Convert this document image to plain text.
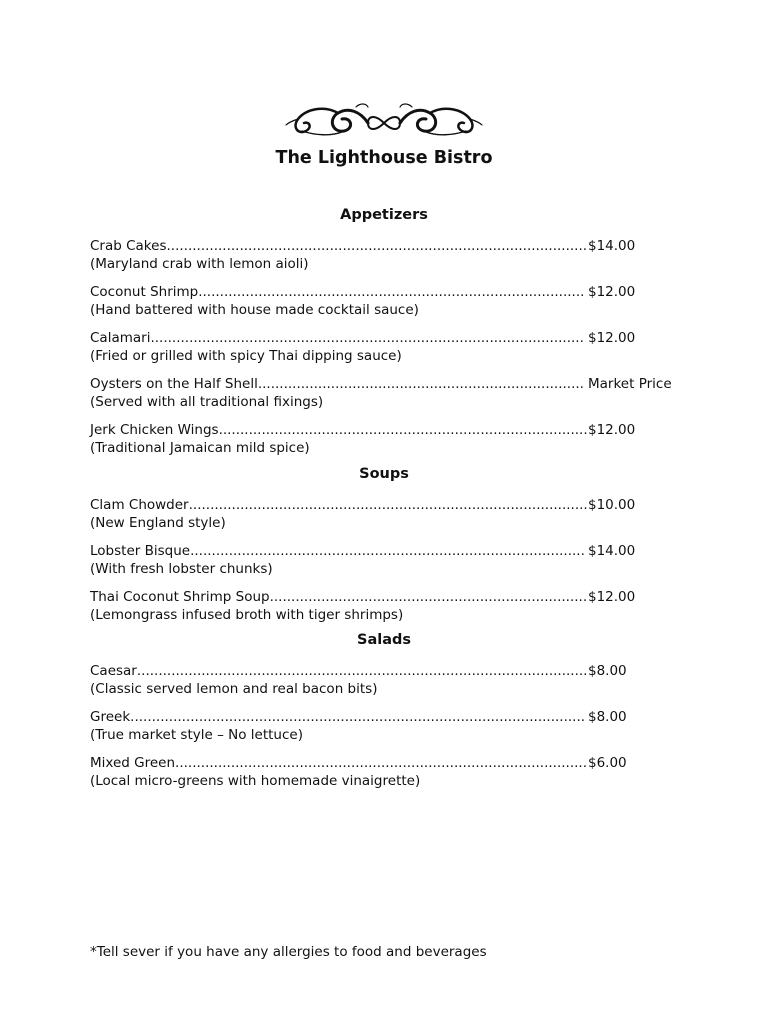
The Lighthouse Bistro
Appetizers
Crab Cakes .................................................................................................. $14.00
(Maryland crab with lemon aioli)
Coconut Shrimp .......................................................................................... $12.00
(Hand battered with house made cocktail sauce)
Calamari ..................................................................................................... $12.00
(Fried or grilled with spicy Thai dipping sauce)
Oysters on the Half Shell ............................................................................ Market Price
(Served with all traditional fixings)
Jerk Chicken Wings ...................................................................................... $12.00
(Traditional Jamaican mild spice)
Soups
Clam Chowder ............................................................................................. $10.00
(New England style)
Lobster Bisque ............................................................................................ $14.00
(With fresh lobster chunks)
Thai Coconut Shrimp Soup .......................................................................... $12.00
(Lemongrass infused broth with tiger shrimps)
Salads
Caesar ......................................................................................................... $8.00
(Classic served lemon and real bacon bits)
Greek .......................................................................................................... $8.00
(True market style – No lettuce)
Mixed Green ................................................................................................ $6.00
(Local micro-greens with homemade vinaigrette)
*Tell sever if you have any allergies to food and beverages
